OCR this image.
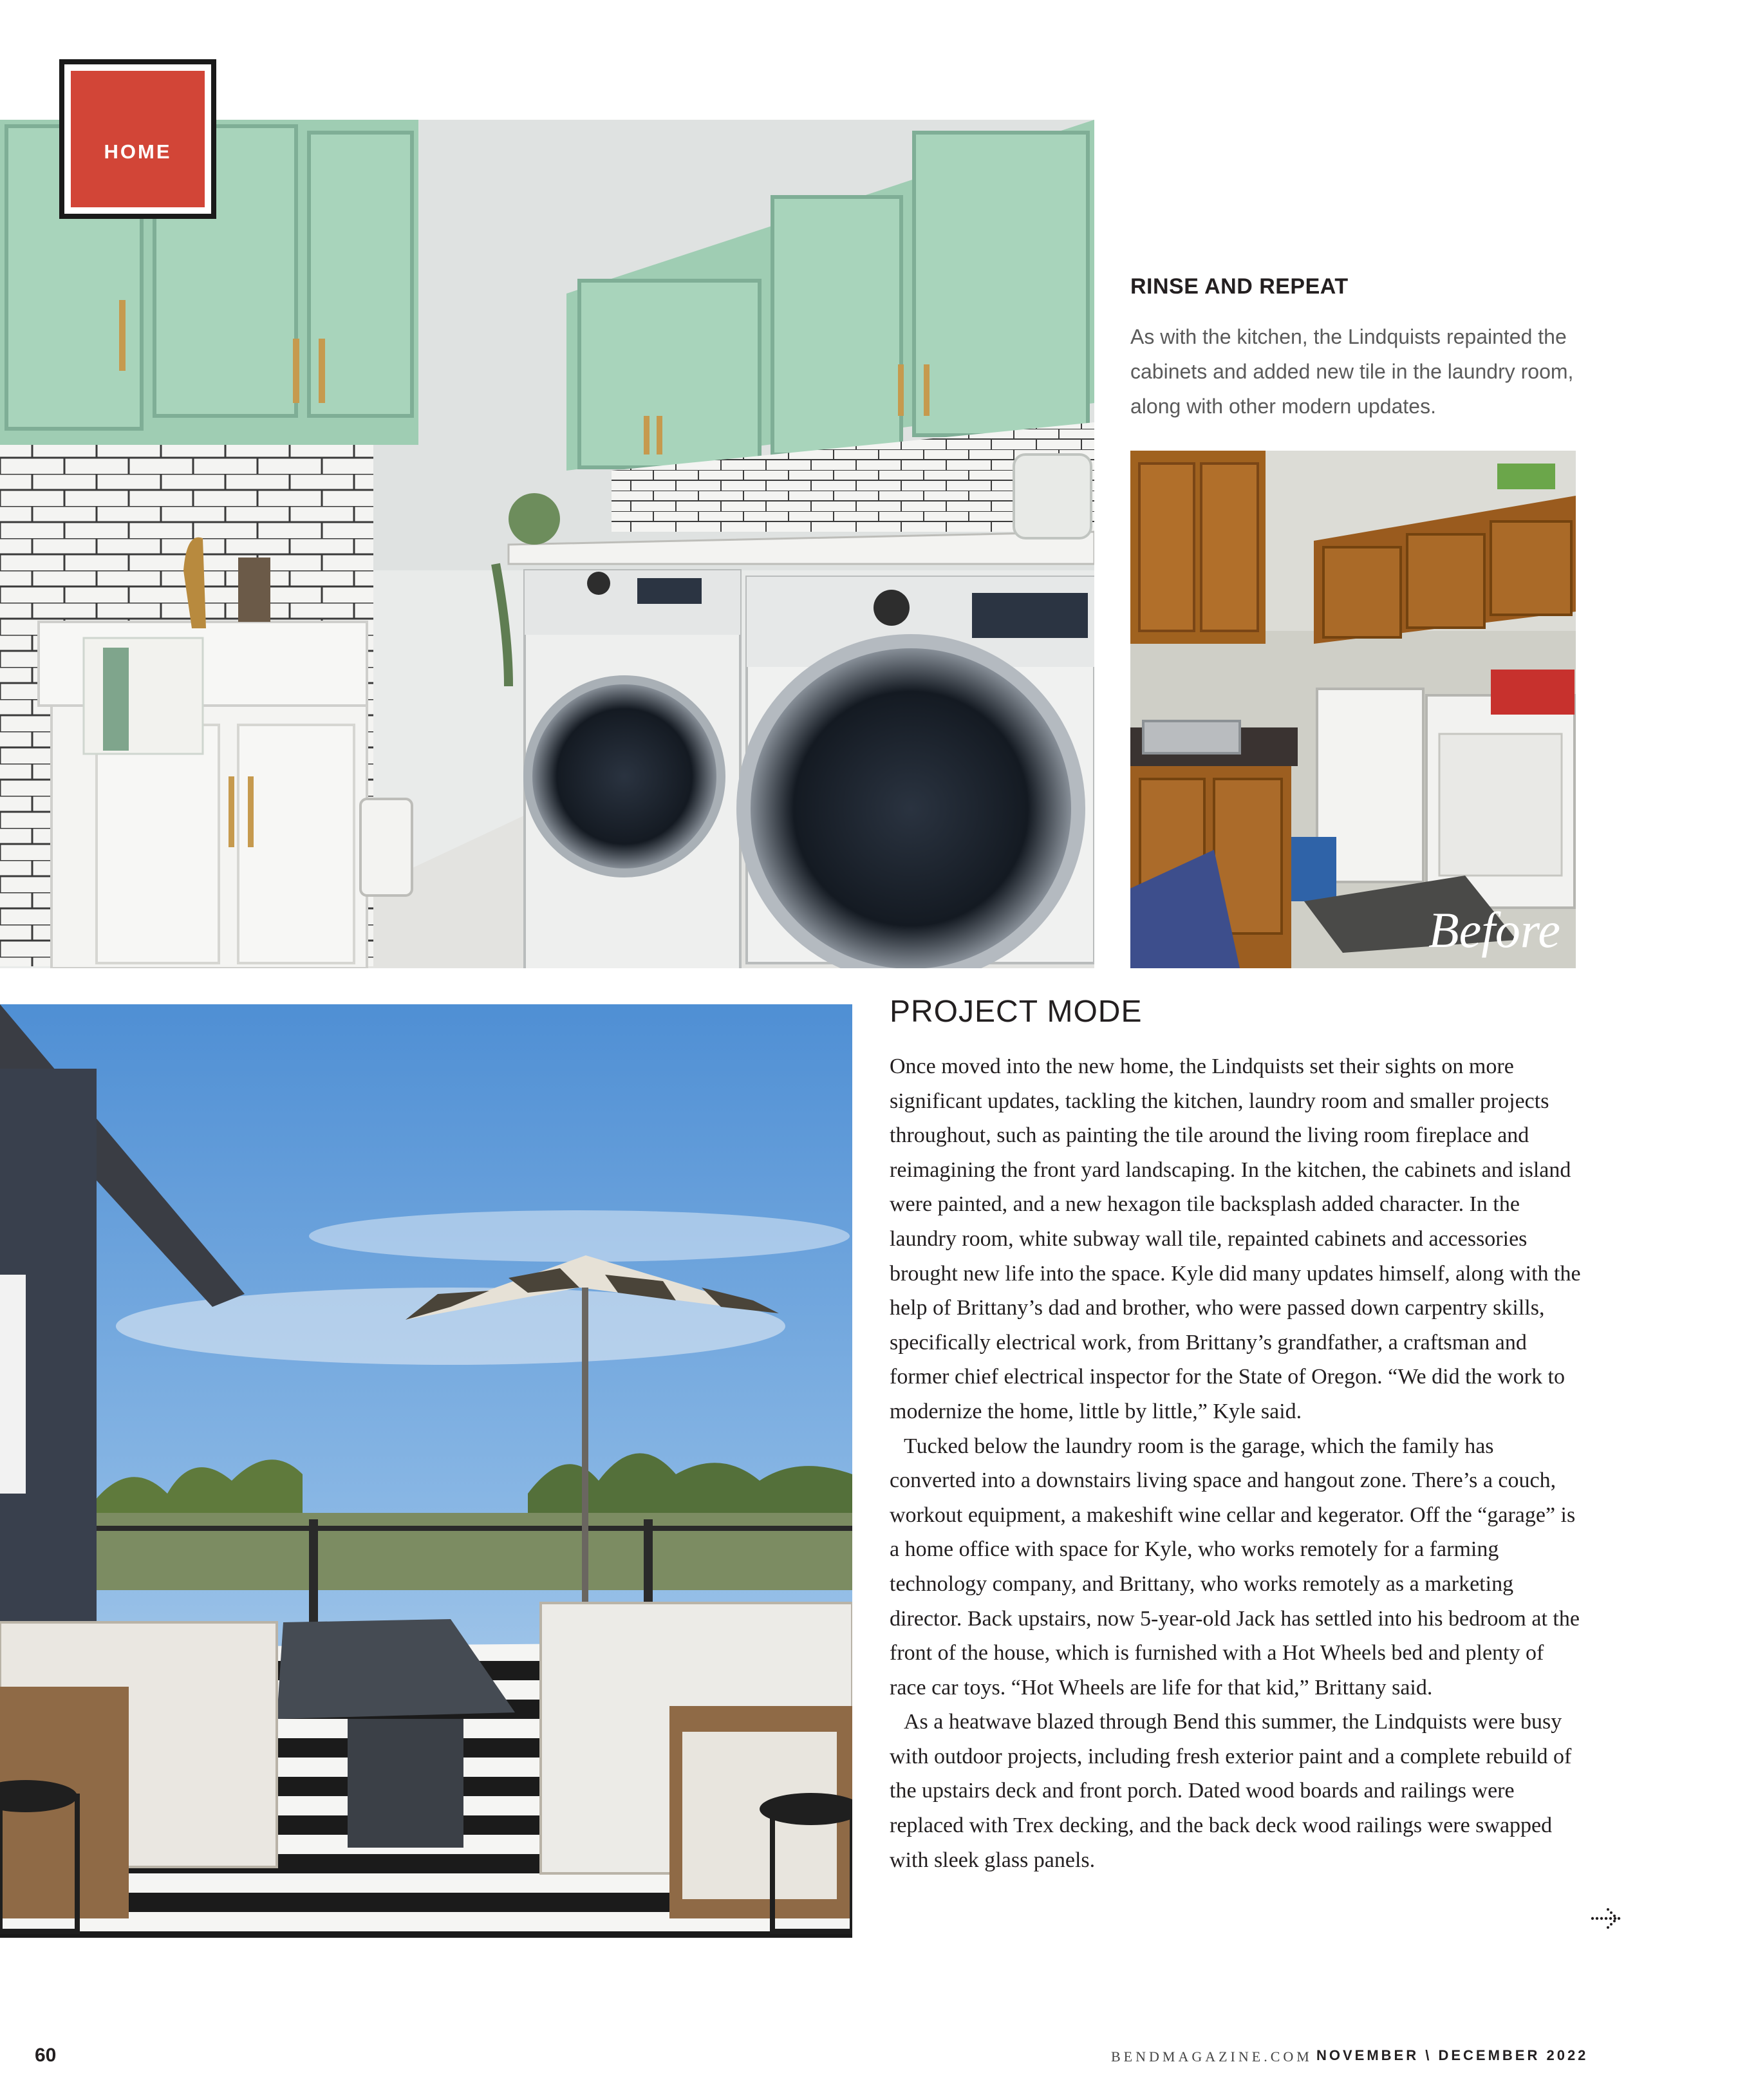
HOME
RINSE AND REPEAT
As with the kitchen, the Lindquists repainted the cabinets and added new tile in the laundry room, along with other modern updates.
Before
PROJECT MODE

Once moved into the new home, the Lindquists set their sights on more significant updates, tackling the kitchen, laundry room and smaller projects throughout, such as painting the tile around the living room fireplace and reimagining the front yard landscaping. In the kitchen, the cabinets and island were painted, and a new hexagon tile backsplash added character. In the laundry room, white subway wall tile, repainted cabinets and accessories brought new life into the space. Kyle did many updates himself, along with the help of Brittany’s dad and brother, who were passed down carpentry skills, specifically electrical work, from Brittany’s grandfather, a craftsman and former chief electrical inspector for the State of Oregon. “We did the work to modernize the home, little by little,” Kyle said.

Tucked below the laundry room is the garage, which the family has converted into a downstairs living space and hangout zone. There’s a couch, workout equipment, a makeshift wine cellar and kegerator. Off the “garage” is a home office with space for Kyle, who works remotely for a farming technology company, and Brittany, who works remotely as a marketing director. Back upstairs, now 5-year-old Jack has settled into his bedroom at the front of the house, which is furnished with a Hot Wheels bed and plenty of race car toys. “Hot Wheels are life for that kid,” Brittany said.

As a heatwave blazed through Bend this summer, the Lindquists were busy with outdoor projects, including fresh exterior paint and a complete rebuild of the upstairs deck and front porch. Dated wood boards and railings were replaced with Trex decking, and the back deck wood railings were swapped with sleek glass panels.

60	BENDMAGAZINE.COM NOVEMBER \ DECEMBER 2022
